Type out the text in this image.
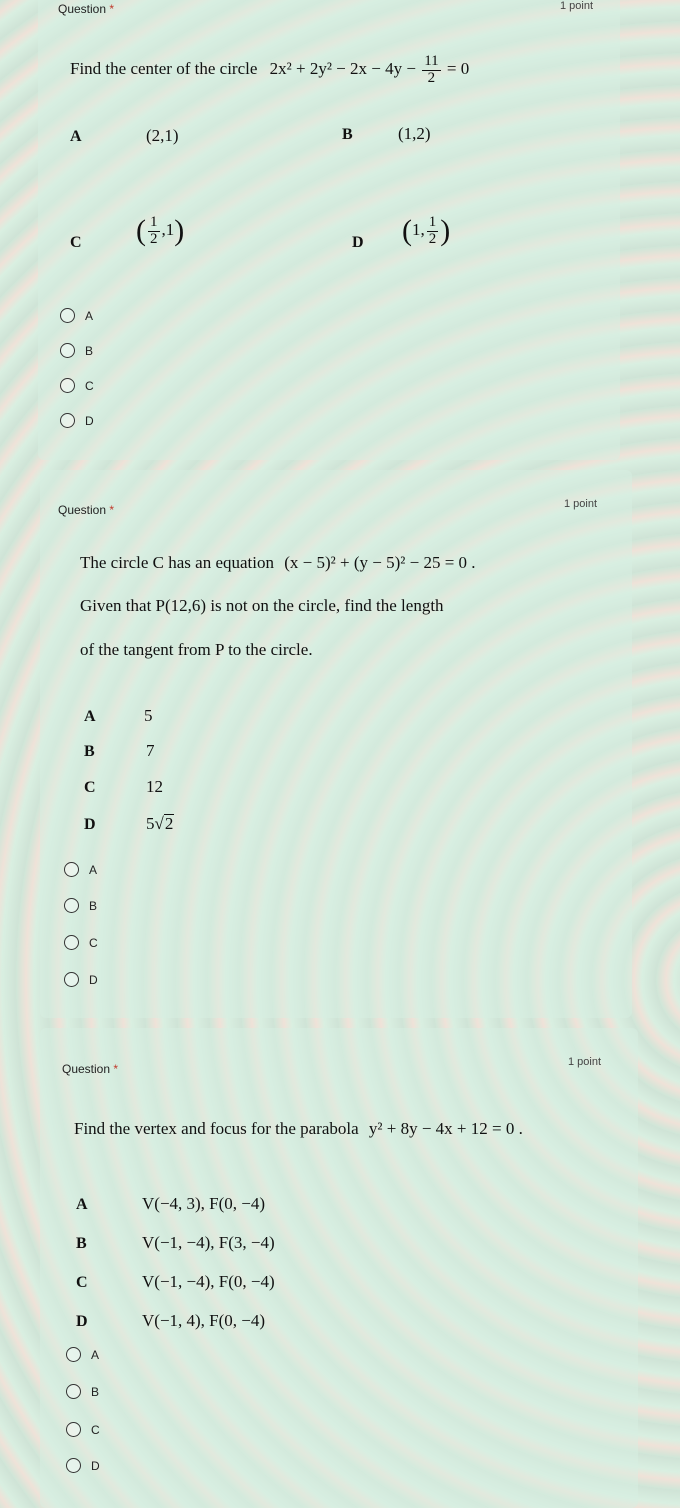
Question *	1 point
Find the center of the circle $2x^2 + 2y^2 - 2x - 4y - \frac{11}{2} = 0$
A	(2,1)	B	(1,2)
C ( $\frac{1}{2} ,1$)	D (1, $\frac{1}{2}$ )
A
B
C
D
Question *	1 point
The circle C has an equation (x − 5)² + (y − 5)² − 25 = 0 .
Given that P(12,6) is not on the circle, find the length
of the tangent from P to the circle.
A	5
B	7
C	12
D	5√2
A
B
C
D
Question *	1 point
Find the vertex and focus for the parabola y² + 8y − 4x + 12 = 0 .
A	V(−4, 3), F(0, −4)
B	V(−1, −4), F(3, −4)
C	V(−1, −4), F(0, −4)
D	V(−1, 4), F(0, −4)
A
B
C
D
